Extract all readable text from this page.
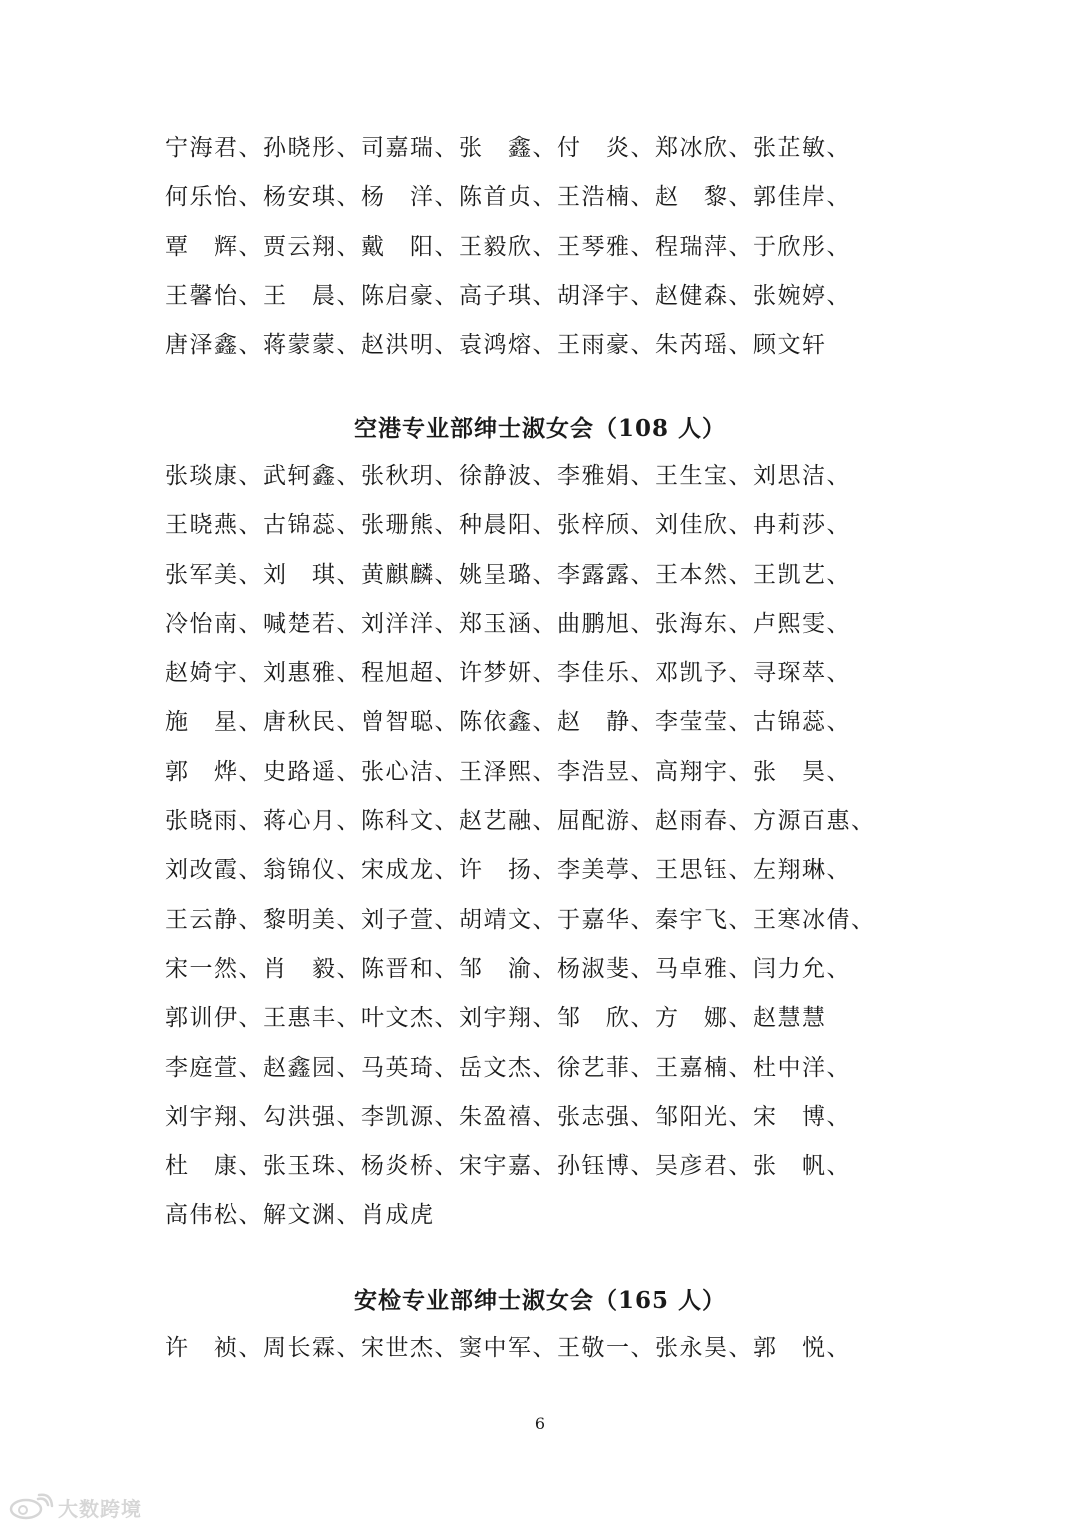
宁海君、孙晓彤、司嘉瑞、张　鑫、付　炎、郑冰欣、张芷敏、
何乐怡、杨安琪、杨　洋、陈首贞、王浩楠、赵　黎、郭佳岸、
覃　辉、贾云翔、戴　阳、王毅欣、王琴雅、程瑞萍、于欣彤、
王馨怡、王　晨、陈启豪、高子琪、胡泽宇、赵健森、张婉婷、
唐泽鑫、蒋蒙蒙、赵洪明、袁鸿熔、王雨豪、朱芮瑶、顾文轩
空港专业部绅士淑女会（108 人）
张琰康、武轲鑫、张秋玥、徐静波、李雅娟、王生宝、刘思洁、
王晓燕、古锦蕊、张珊熊、种晨阳、张梓颀、刘佳欣、冉莉莎、
张军美、刘　琪、黄麒麟、姚呈璐、李露露、王本然、王凯艺、
冷怡南、喊楚若、刘洋洋、郑玉涵、曲鹏旭、张海东、卢熙雯、
赵婍宇、刘惠雅、程旭超、许梦妍、李佳乐、邓凯予、寻琛萃、
施　星、唐秋民、曾智聪、陈依鑫、赵　静、李莹莹、古锦蕊、
郭　烨、史路遥、张心洁、王泽熙、李浩昱、高翔宇、张　昊、
张晓雨、蒋心月、陈科文、赵艺融、屈配游、赵雨春、方源百惠、
刘改霞、翁锦仪、宋成龙、许　扬、李美葶、王思钰、左翔琳、
王云静、黎明美、刘子萱、胡靖文、于嘉华、秦宇飞、王寒冰倩、
宋一然、肖　毅、陈晋和、邹　渝、杨淑斐、马卓雅、闫力允、
郭训伊、王惠丰、叶文杰、刘宇翔、邹　欣、方　娜、赵慧慧
李庭萱、赵鑫园、马英琦、岳文杰、徐艺菲、王嘉楠、杜中洋、
刘宇翔、勾洪强、李凯源、朱盈禧、张志强、邹阳光、宋　博、
杜　康、张玉珠、杨炎桥、宋宇嘉、孙钰博、吴彦君、张　帆、
高伟松、解文渊、肖成虎
安检专业部绅士淑女会（165 人）
许　祯、周长霖、宋世杰、窦中军、王敬一、张永昊、郭　悦、
6
大数跨境
